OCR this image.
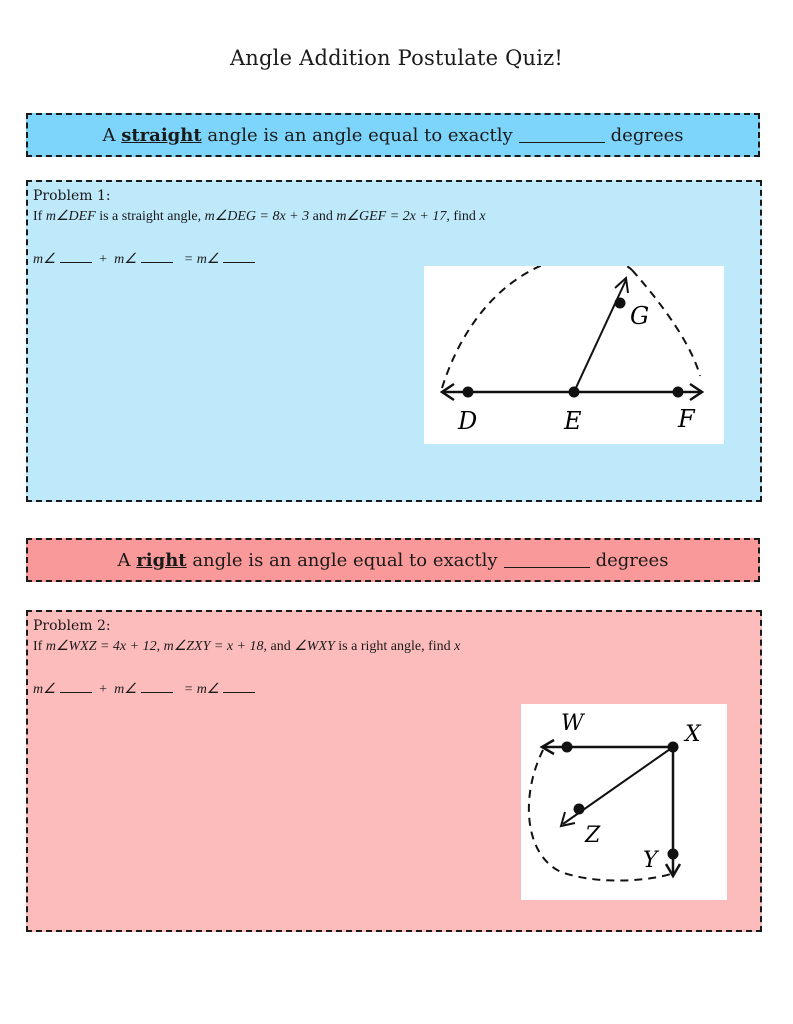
Angle Addition Postulate Quiz!
A
straight
angle is an angle equal to exactly	degrees
Problem 1:
If m∠DEF is a straight angle, m∠DEG = 8x + 3 and m∠GEF = 2x + 17, find x
m∠	+ m∠	= m∠
D	E	F
G
A
right
angle is an angle equal to exactly	degrees
Problem 2:
If m∠WXZ = 4x + 12, m∠ZXY = x + 18, and ∠WXY is a right angle, find x
m∠	+ m∠	= m∠
W	X
Y
Z
